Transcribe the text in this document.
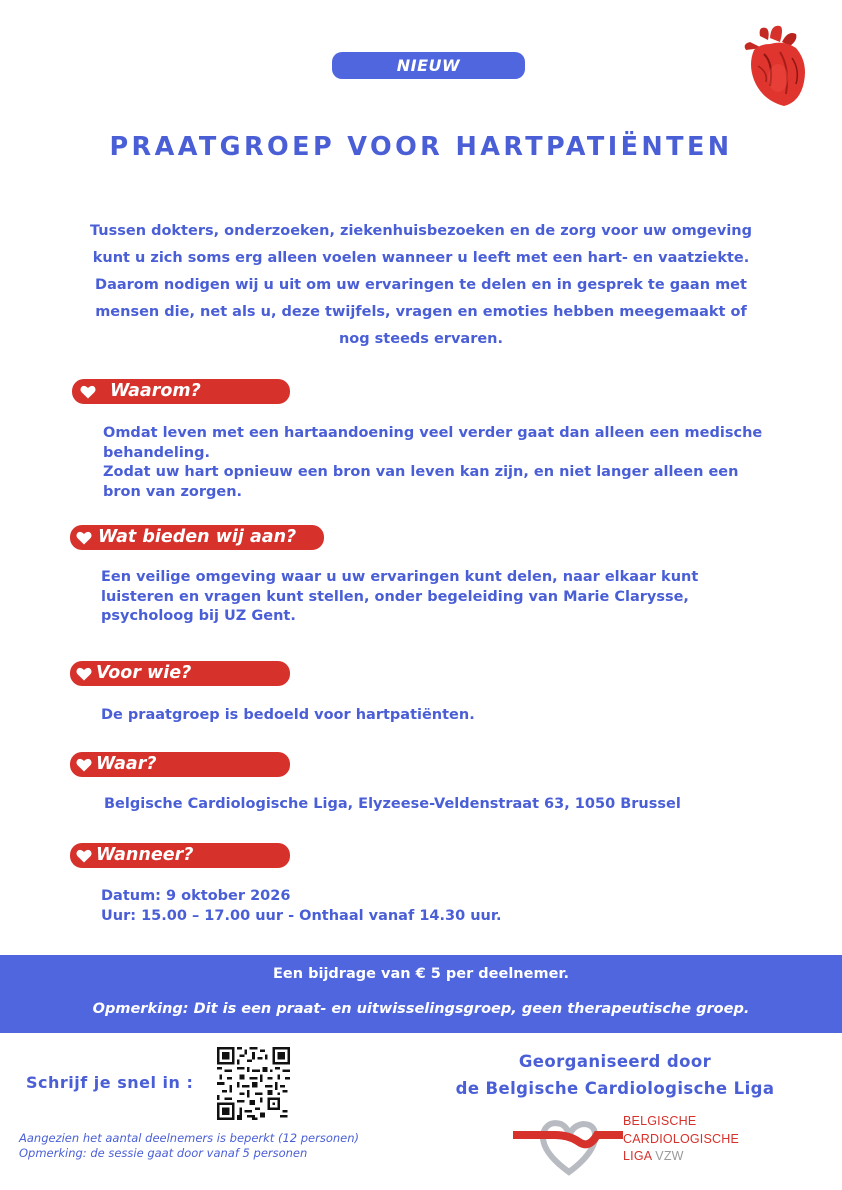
NIEUW
PRAATGROEP VOOR HARTPATIËNTEN
Tussen dokters, onderzoeken, ziekenhuisbezoeken en de zorg voor uw omgeving
kunt u zich soms erg alleen voelen wanneer u leeft met een hart- en vaatziekte.
Daarom nodigen wij u uit om uw ervaringen te delen en in gesprek te gaan met
mensen die, net als u, deze twijfels, vragen en emoties hebben meegemaakt of
nog steeds ervaren.
Waarom?
Omdat leven met een hartaandoening veel verder gaat dan alleen een medische
behandeling.
Zodat uw hart opnieuw een bron van leven kan zijn, en niet langer alleen een
bron van zorgen.
Wat bieden wij aan?
Een veilige omgeving waar u uw ervaringen kunt delen, naar elkaar kunt
luisteren en vragen kunt stellen, onder begeleiding van Marie Clarysse,
psycholoog bij UZ Gent.
Voor wie?
De praatgroep is bedoeld voor hartpatiënten.
Waar?
Belgische Cardiologische Liga, Elyzeese-Veldenstraat 63, 1050 Brussel
Wanneer?
Datum: 9 oktober 2026
Uur: 15.00 – 17.00 uur - Onthaal vanaf 14.30 uur.
Een bijdrage van € 5 per deelnemer.
Opmerking: Dit is een praat- en uitwisselingsgroep, geen therapeutische groep.
Schrijf je snel in :
Georganiseerd door
de Belgische Cardiologische Liga
Aangezien het aantal deelnemers is beperkt (12 personen)
Opmerking: de sessie gaat door vanaf 5 personen
BELGISCHE
CARDIOLOGISCHE
LIGA VZW
